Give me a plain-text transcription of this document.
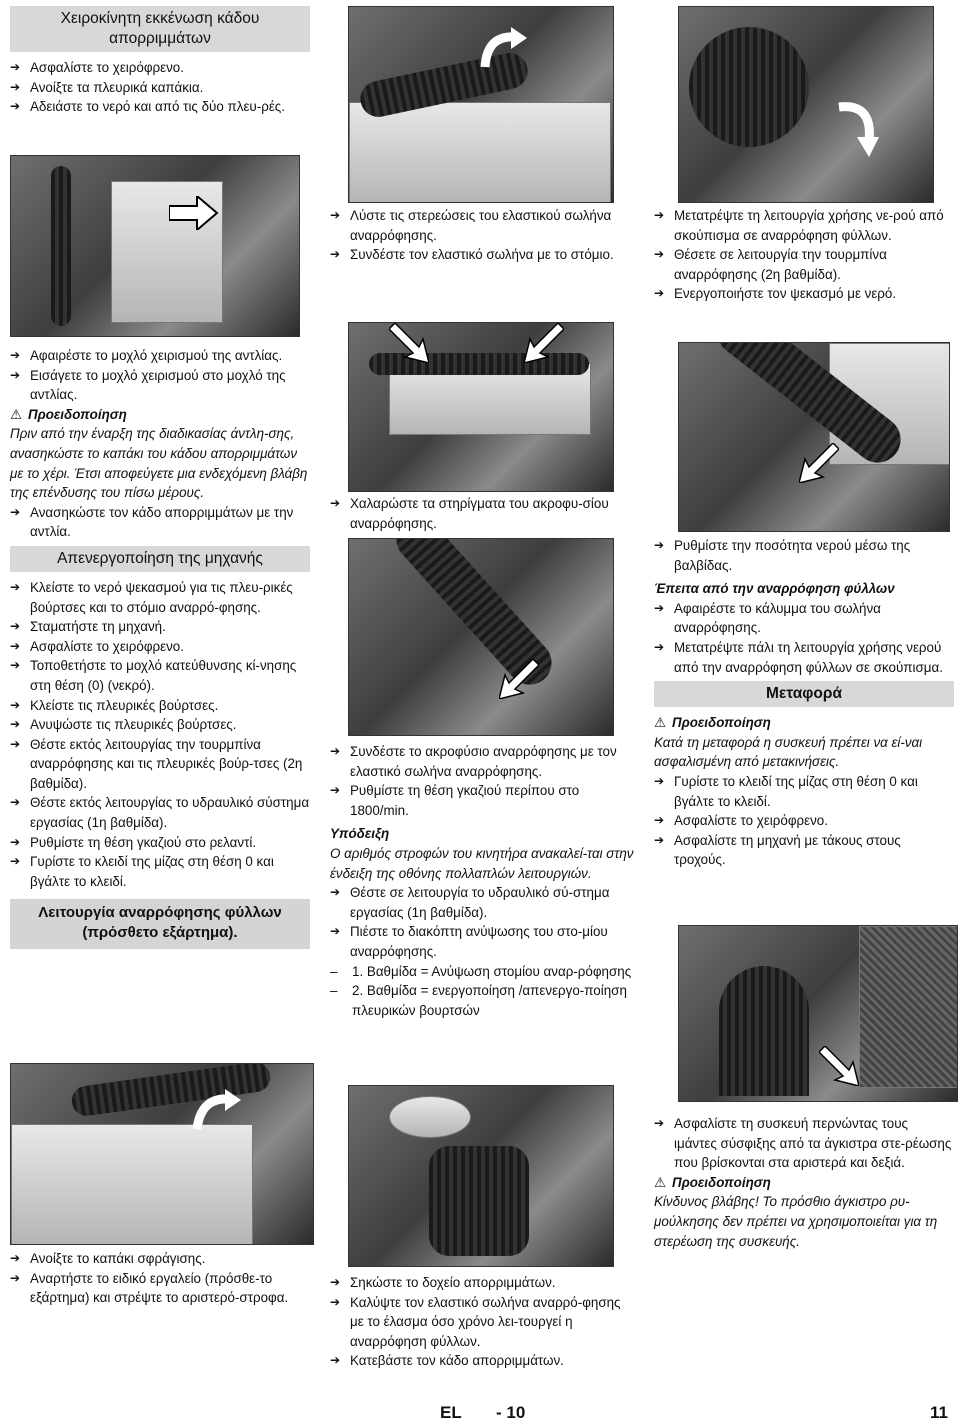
Χειροκίνητη εκκένωση κάδου απορριμμάτων

➔ Ασφαλίστε το χειρόφρενο.

➔ Ανοίξτε τα πλευρικά καπάκια.

➔ Αδειάστε το νερό και από τις δύο πλευ-ρές.

➔ Αφαιρέστε το μοχλό χειρισμού της αντλίας.

➔ Εισάγετε το μοχλό χειρισμού στο μοχλό της αντλίας.

⚠ Προειδοποίηση

Πριν από την έναρξη της διαδικασίας άντλη-σης, ανασηκώστε το καπάκι του κάδου απορριμμάτων με το χέρι. Έτσι αποφεύγετε μια ενδεχόμενη βλάβη της επένδυσης του πίσω μέρους.

➔ Ανασηκώστε τον κάδο απορριμμάτων με την αντλία.

Απενεργοποίηση της μηχανής

➔ Κλείστε το νερό ψεκασμού για τις πλευ-ρικές βούρτσες και το στόμιο αναρρό-φησης.

➔ Σταματήστε τη μηχανή.

➔ Ασφαλίστε το χειρόφρενο.

➔ Τοποθετήστε το μοχλό κατεύθυνσης κί-νησης στη θέση (0) (νεκρό).

➔ Κλείστε τις πλευρικές βούρτσες.

➔ Ανυψώστε τις πλευρικές βούρτσες.

➔ Θέστε εκτός λειτουργίας την τουρμπίνα αναρρόφησης και τις πλευρικές βούρ-τσες (2η βαθμίδα).

➔ Θέστε εκτός λειτουργίας το υδραυλικό σύστημα εργασίας (1η βαθμίδα).

➔ Ρυθμίστε τη θέση γκαζιού στο ρελαντί.

➔ Γυρίστε το κλειδί της μίζας στη θέση 0 και βγάλτε το κλειδί.

Λειτουργία αναρρόφησης φύλλων (πρόσθετο εξάρτημα).

➔ Ανοίξτε το καπάκι σφράγισης.

➔ Αναρτήστε το ειδικό εργαλείο (πρόσθε-το εξάρτημα) και στρέψτε το αριστερό-στροφα.

➔ Λύστε τις στερεώσεις του ελαστικού σωλήνα αναρρόφησης.

➔ Συνδέστε τον ελαστικό σωλήνα με το στόμιο.

➔ Χαλαρώστε τα στηρίγματα του ακροφυ-σίου αναρρόφησης.

➔ Συνδέστε το ακροφύσιο αναρρόφησης με τον ελαστικό σωλήνα αναρρόφησης.

➔ Ρυθμίστε τη θέση γκαζιού περίπου στο 1800/min.

Υπόδειξη

Ο αριθμός στροφών του κινητήρα ανακαλεί-ται στην ένδειξη της οθόνης πολλαπλών λειτουργιών.

➔ Θέστε σε λειτουργία το υδραυλικό σύ-στημα εργασίας (1η βαθμίδα).

➔ Πιέστε το διακόπτη ανύψωσης του στο-μίου αναρρόφησης.

– 1. Βαθμίδα = Ανύψωση στομίου αναρ-ρόφησης

– 2. Βαθμίδα = ενεργοποίηση /απενεργο-ποίηση πλευρικών βουρτσών

➔ Σηκώστε το δοχείο απορριμμάτων.

➔ Καλύψτε τον ελαστικό σωλήνα αναρρό-φησης με το έλασμα όσο χρόνο λει-τουργεί η αναρρόφηση φύλλων.

➔ Κατεβάστε τον κάδο απορριμμάτων.

➔ Μετατρέψτε τη λειτουργία χρήσης νε-ρού από σκούπισμα σε αναρρόφηση φύλλων.

➔ Θέσετε σε λειτουργία την τουρμπίνα αναρρόφησης (2η βαθμίδα).

➔ Ενεργοποιήστε τον ψεκασμό με νερό.

➔ Ρυθμίστε την ποσότητα νερού μέσω της βαλβίδας.

Έπειτα από την αναρρόφηση φύλλων

➔ Αφαιρέστε το κάλυμμα του σωλήνα αναρρόφησης.

➔ Μετατρέψτε πάλι τη λειτουργία χρήσης νερού από την αναρρόφηση φύλλων σε σκούπισμα.

Μεταφορά

⚠ Προειδοποίηση

Κατά τη μεταφορά η συσκευή πρέπει να εί-ναι ασφαλισμένη από μετακινήσεις.

➔ Γυρίστε το κλειδί της μίζας στη θέση 0 και βγάλτε το κλειδί.

➔ Ασφαλίστε το χειρόφρενο.

➔ Ασφαλίστε τη μηχανή με τάκους στους τροχούς.

➔ Ασφαλίστε τη συσκευή περνώντας τους ιμάντες σύσφιξης από τα άγκιστρα στε-ρέωσης που βρίσκονται στα αριστερά και δεξιά.

⚠ Προειδοποίηση

Κίνδυνος βλάβης! Το πρόσθιο άγκιστρο ρυ-μούλκησης δεν πρέπει να χρησιμοποιείται για τη στερέωση της συσκευής.

EL - 10	11
